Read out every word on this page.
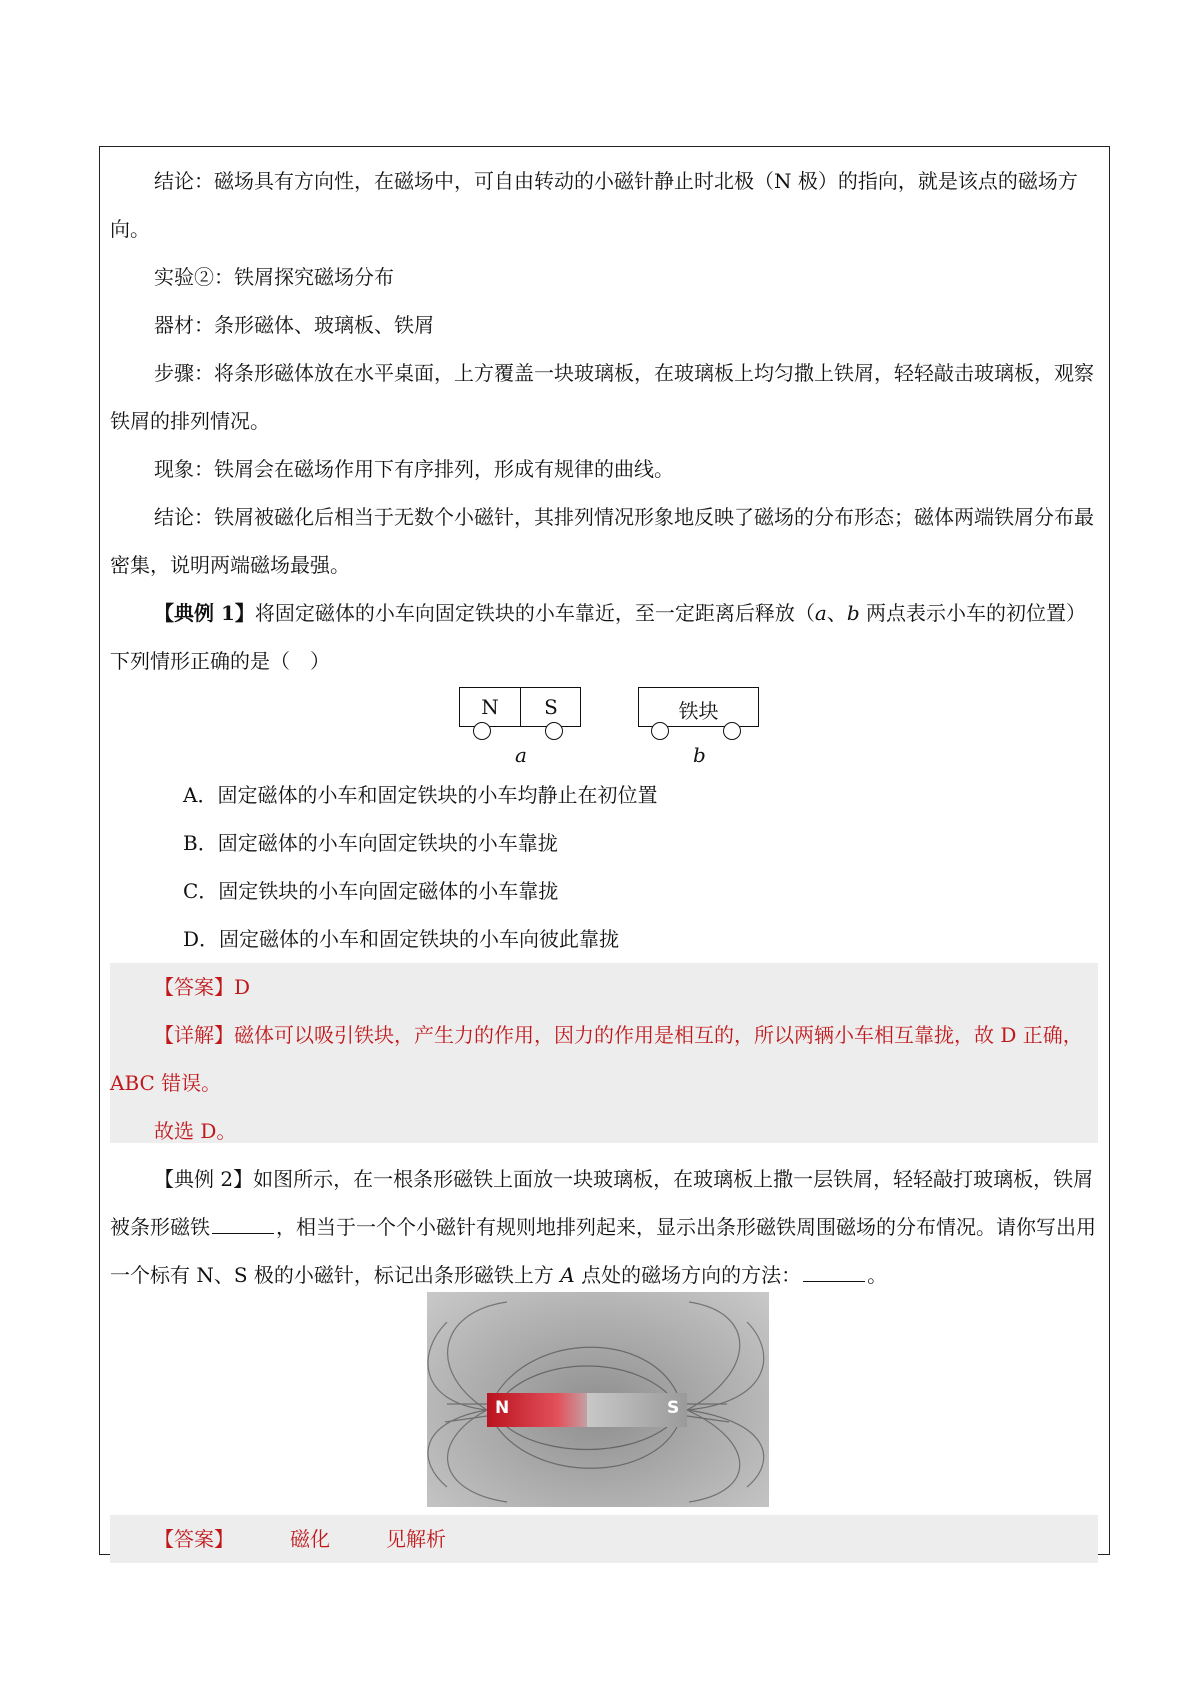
结论：磁场具有方向性，在磁场中，可自由转动的小磁针静止时北极（N 极）的指向，就是该点的磁场方向。

实验②：铁屑探究磁场分布

器材：条形磁体、玻璃板、铁屑

步骤：将条形磁体放在水平桌面，上方覆盖一块玻璃板，在玻璃板上均匀撒上铁屑，轻轻敲击玻璃板，观察铁屑的排列情况。

现象：铁屑会在磁场作用下有序排列，形成有规律的曲线。

结论：铁屑被磁化后相当于无数个小磁针，其排列情况形象地反映了磁场的分布形态；磁体两端铁屑分布最密集，说明两端磁场最强。

【典例 1】将固定磁体的小车向固定铁块的小车靠近，至一定距离后释放（a、b 两点表示小车的初位置）下列情形正确的是（　）

N	S
a
铁块
b

A．固定磁体的小车和固定铁块的小车均静止在初位置

B．固定磁体的小车向固定铁块的小车靠拢

C．固定铁块的小车向固定磁体的小车靠拢

D．固定磁体的小车和固定铁块的小车向彼此靠拢

【答案】D

【详解】磁体可以吸引铁块，产生力的作用，因力的作用是相互的，所以两辆小车相互靠拢，故 D 正确，ABC 错误。

故选 D。

【典例 2】如图所示，在一根条形磁铁上面放一块玻璃板，在玻璃板上撒一层铁屑，轻轻敲打玻璃板，铁屑被条形磁铁	，相当于一个个小磁针有规则地排列起来，显示出条形磁铁周围磁场的分布情况。请你写出用一个标有 N、S 极的小磁针，标记出条形磁铁上方 A 点处的磁场方向的方法：	。

N	S

【答案】	磁化	见解析
